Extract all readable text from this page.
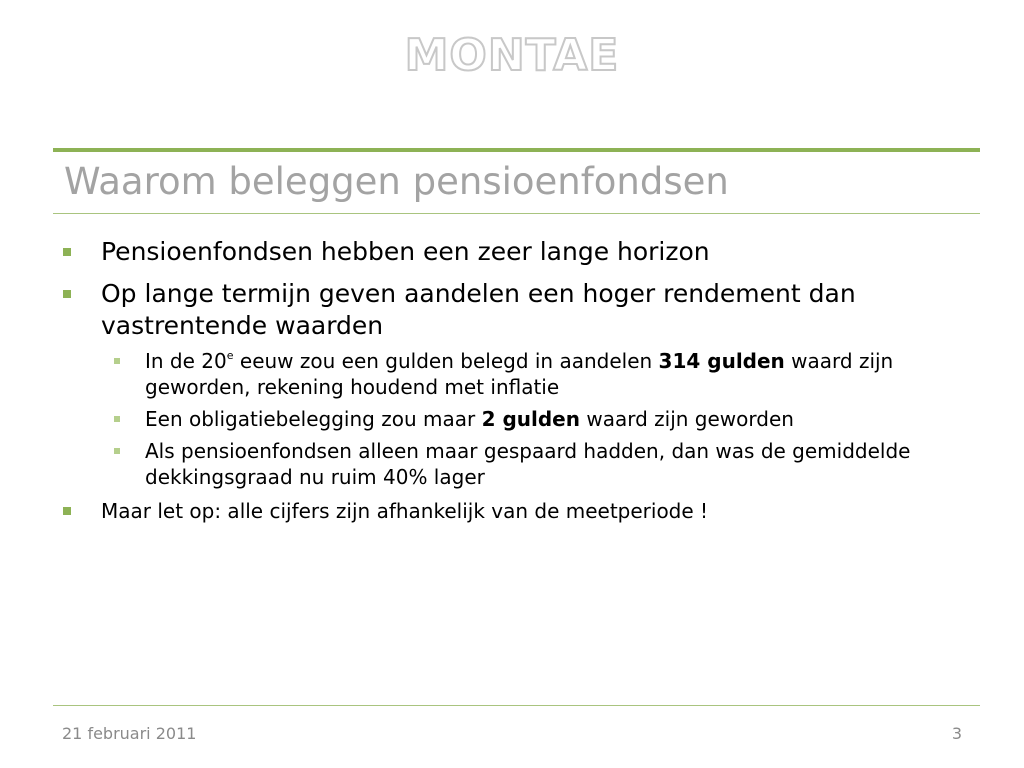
MONTAE
Waarom beleggen pensioenfondsen
Pensioenfondsen hebben een zeer lange horizon
Op lange termijn geven aandelen een hoger rendement dan vastrentende waarden
In de 20e eeuw zou een gulden belegd in aandelen 314 gulden waard zijn geworden, rekening houdend met inflatie
Een obligatiebelegging zou maar 2 gulden waard zijn geworden
Als pensioenfondsen alleen maar gespaard hadden, dan was de gemiddelde dekkingsgraad nu ruim 40% lager
Maar let op: alle cijfers zijn afhankelijk van de meetperiode !
21 februari 2011	3
